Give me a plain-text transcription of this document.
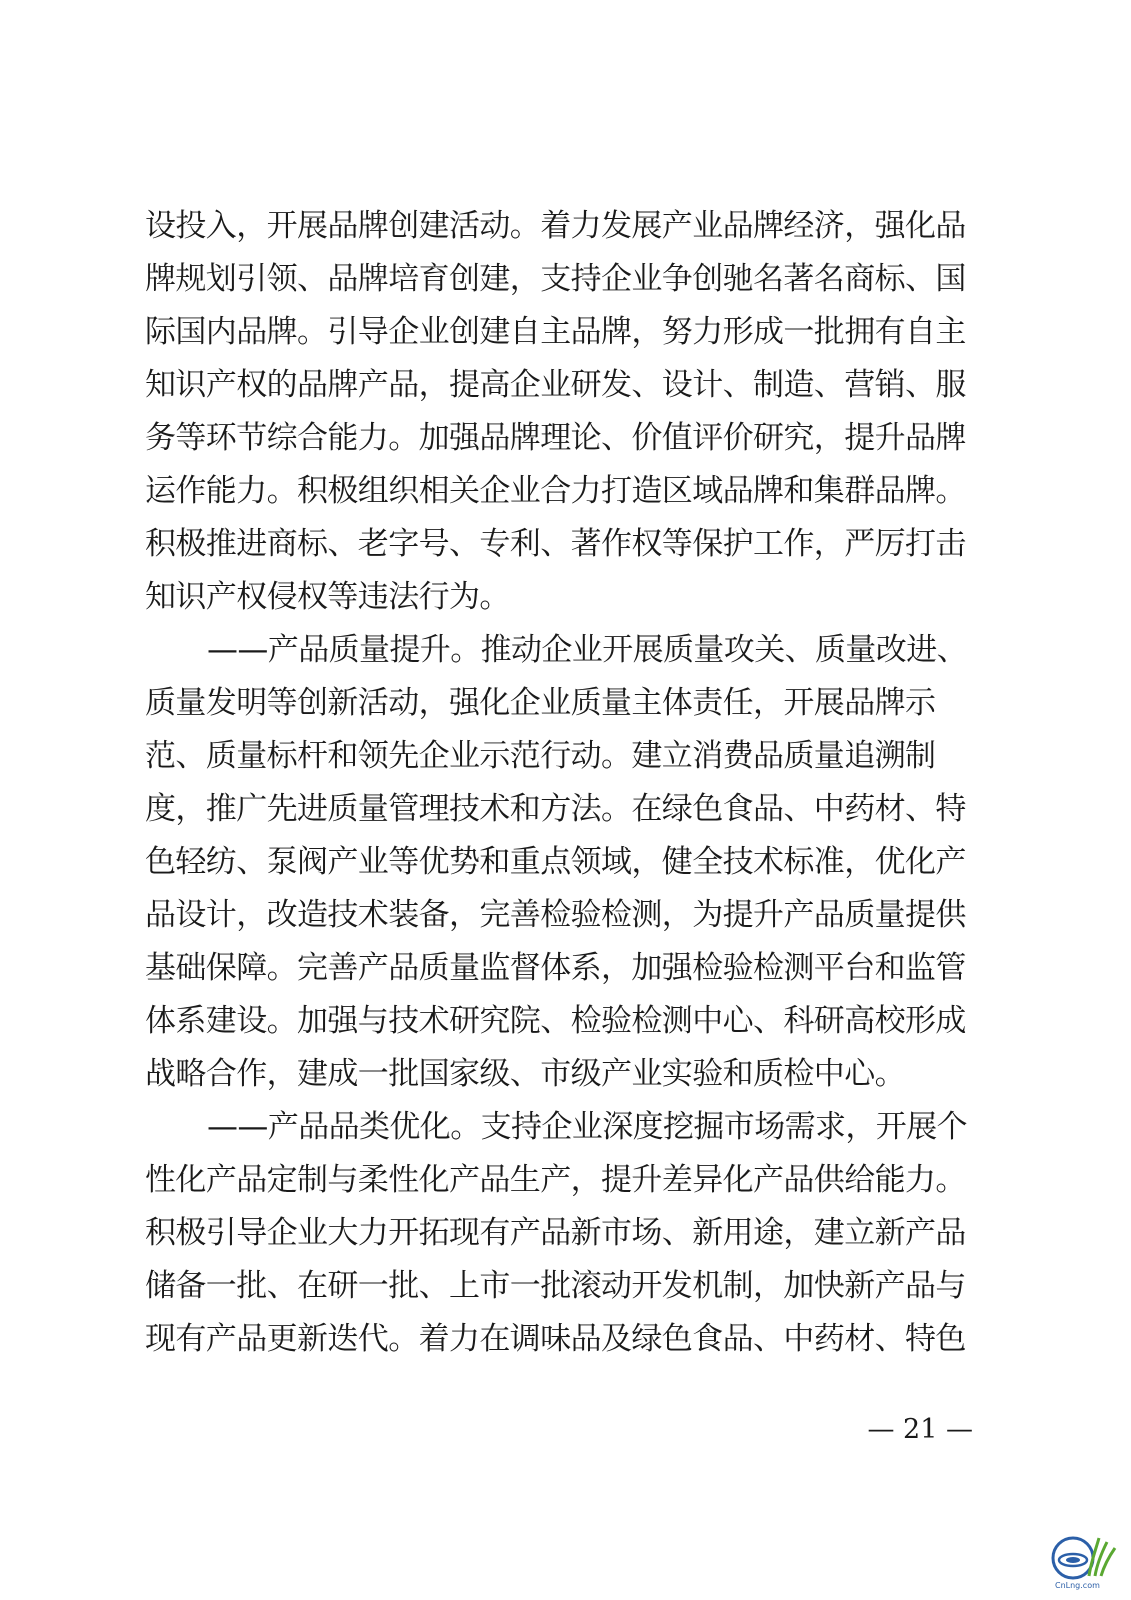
设投入，开展品牌创建活动。着力发展产业品牌经济，强化品
牌规划引领、品牌培育创建，支持企业争创驰名著名商标、国
际国内品牌。引导企业创建自主品牌，努力形成一批拥有自主
知识产权的品牌产品，提高企业研发、设计、制造、营销、服
务等环节综合能力。加强品牌理论、价值评价研究，提升品牌
运作能力。积极组织相关企业合力打造区域品牌和集群品牌。
积极推进商标、老字号、专利、著作权等保护工作，严厉打击
知识产权侵权等违法行为。
——产品质量提升。推动企业开展质量攻关、质量改进、
质量发明等创新活动，强化企业质量主体责任，开展品牌示
范、质量标杆和领先企业示范行动。建立消费品质量追溯制
度，推广先进质量管理技术和方法。在绿色食品、中药材、特
色轻纺、泵阀产业等优势和重点领域，健全技术标准，优化产
品设计，改造技术装备，完善检验检测，为提升产品质量提供
基础保障。完善产品质量监督体系，加强检验检测平台和监管
体系建设。加强与技术研究院、检验检测中心、科研高校形成
战略合作，建成一批国家级、市级产业实验和质检中心。
——产品品类优化。支持企业深度挖掘市场需求，开展个
性化产品定制与柔性化产品生产，提升差异化产品供给能力。
积极引导企业大力开拓现有产品新市场、新用途，建立新产品
储备一批、在研一批、上市一批滚动开发机制，加快新产品与
现有产品更新迭代。着力在调味品及绿色食品、中药材、特色
— 21 —
CnLng.com
